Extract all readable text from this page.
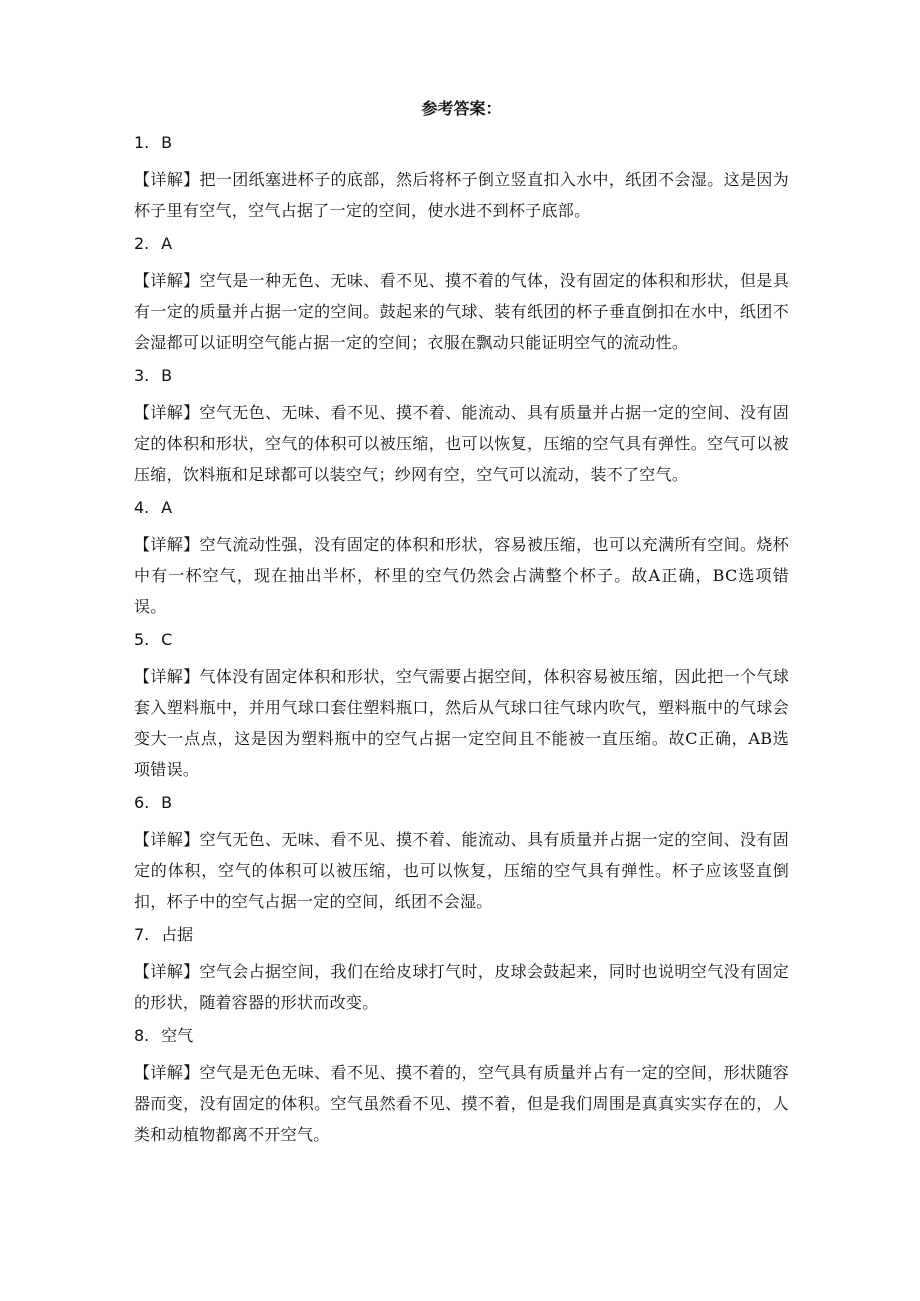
参考答案：
1. B
【详解】把一团纸塞进杯子的底部，然后将杯子倒立竖直扣入水中，纸团不会湿。这是因为杯子里有空气，空气占据了一定的空间，使水进不到杯子底部。
2. A
【详解】空气是一种无色、无味、看不见、摸不着的气体，没有固定的体积和形状，但是具有一定的质量并占据一定的空间。鼓起来的气球、装有纸团的杯子垂直倒扣在水中，纸团不会湿都可以证明空气能占据一定的空间；衣服在飘动只能证明空气的流动性。
3. B
【详解】空气无色、无味、看不见、摸不着、能流动、具有质量并占据一定的空间、没有固定的体积和形状，空气的体积可以被压缩，也可以恢复，压缩的空气具有弹性。空气可以被压缩，饮料瓶和足球都可以装空气；纱网有空，空气可以流动，装不了空气。
4. A
【详解】空气流动性强，没有固定的体积和形状，容易被压缩，也可以充满所有空间。烧杯中有一杯空气，现在抽出半杯，杯里的空气仍然会占满整个杯子。故A正确，BC选项错误。
5. C
【详解】气体没有固定体积和形状，空气需要占据空间，体积容易被压缩，因此把一个气球套入塑料瓶中，并用气球口套住塑料瓶口，然后从气球口往气球内吹气，塑料瓶中的气球会变大一点点，这是因为塑料瓶中的空气占据一定空间且不能被一直压缩。故C正确，AB选项错误。
6. B
【详解】空气无色、无味、看不见、摸不着、能流动、具有质量并占据一定的空间、没有固定的体积，空气的体积可以被压缩，也可以恢复，压缩的空气具有弹性。杯子应该竖直倒扣，杯子中的空气占据一定的空间，纸团不会湿。
7. 占据
【详解】空气会占据空间，我们在给皮球打气时，皮球会鼓起来，同时也说明空气没有固定的形状，随着容器的形状而改变。
8. 空气
【详解】空气是无色无味、看不见、摸不着的，空气具有质量并占有一定的空间，形状随容器而变，没有固定的体积。空气虽然看不见、摸不着，但是我们周围是真真实实存在的，人类和动植物都离不开空气。
